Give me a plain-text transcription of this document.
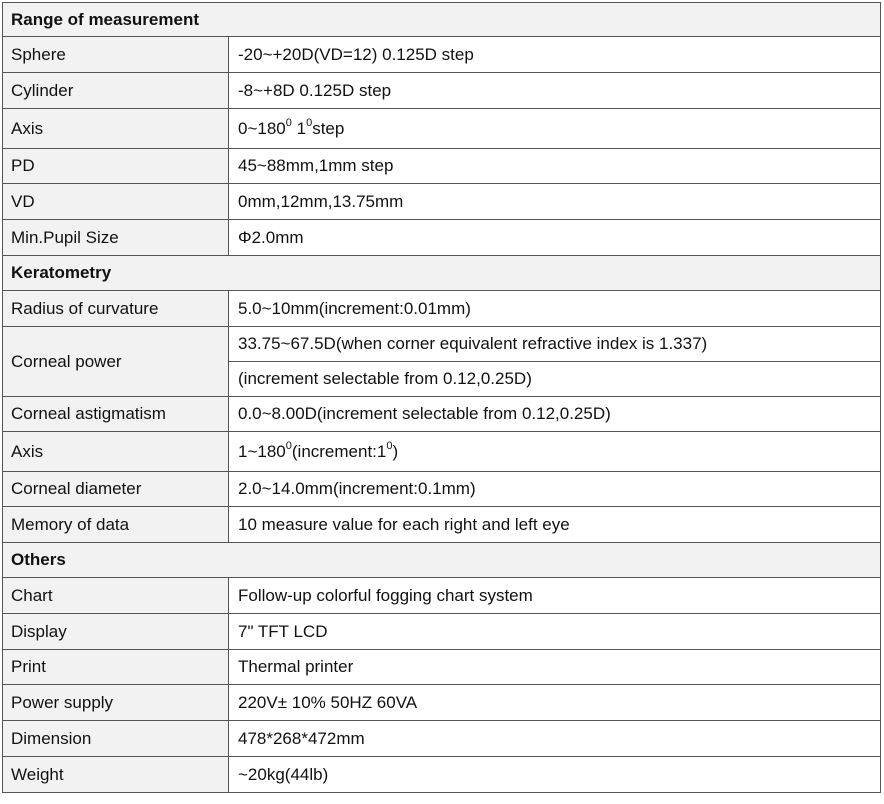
Range of measurement	
Sphere	-20~+20D(VD=12) 0.125D step
Cylinder	-8~+8D 0.125D step
Axis	$0\sim 180^0$ $1^0step$
PD	45~88mm,1mm step
VD	0mm,12mm,13.75mm
Min.Pupil Size	Φ2.0mm
Keratometry	
Radius of curvature	5.0~10mm(increment:0.01mm)
Corneal power	33.75~67.5D(when corner equivalent refractive index is 1.337)
	(increment selectable from 0.12,0.25D)
Corneal astigmatism	0.0~8.00D(increment selectable from 0.12,0.25D)
Axis	$1\sim 180^0(increment:1^0)$
Corneal diameter	2.0~14.0mm(increment:0.1mm)
Memory of data	10 measure value for each right and left eye
Others	
Chart	Follow-up colorful fogging chart system
Display	7" TFT LCD
Print	Thermal printer
Power supply	220V± 10% 50HZ 60VA
Dimension	478*268*472mm
Weight	~20kg(44lb)
